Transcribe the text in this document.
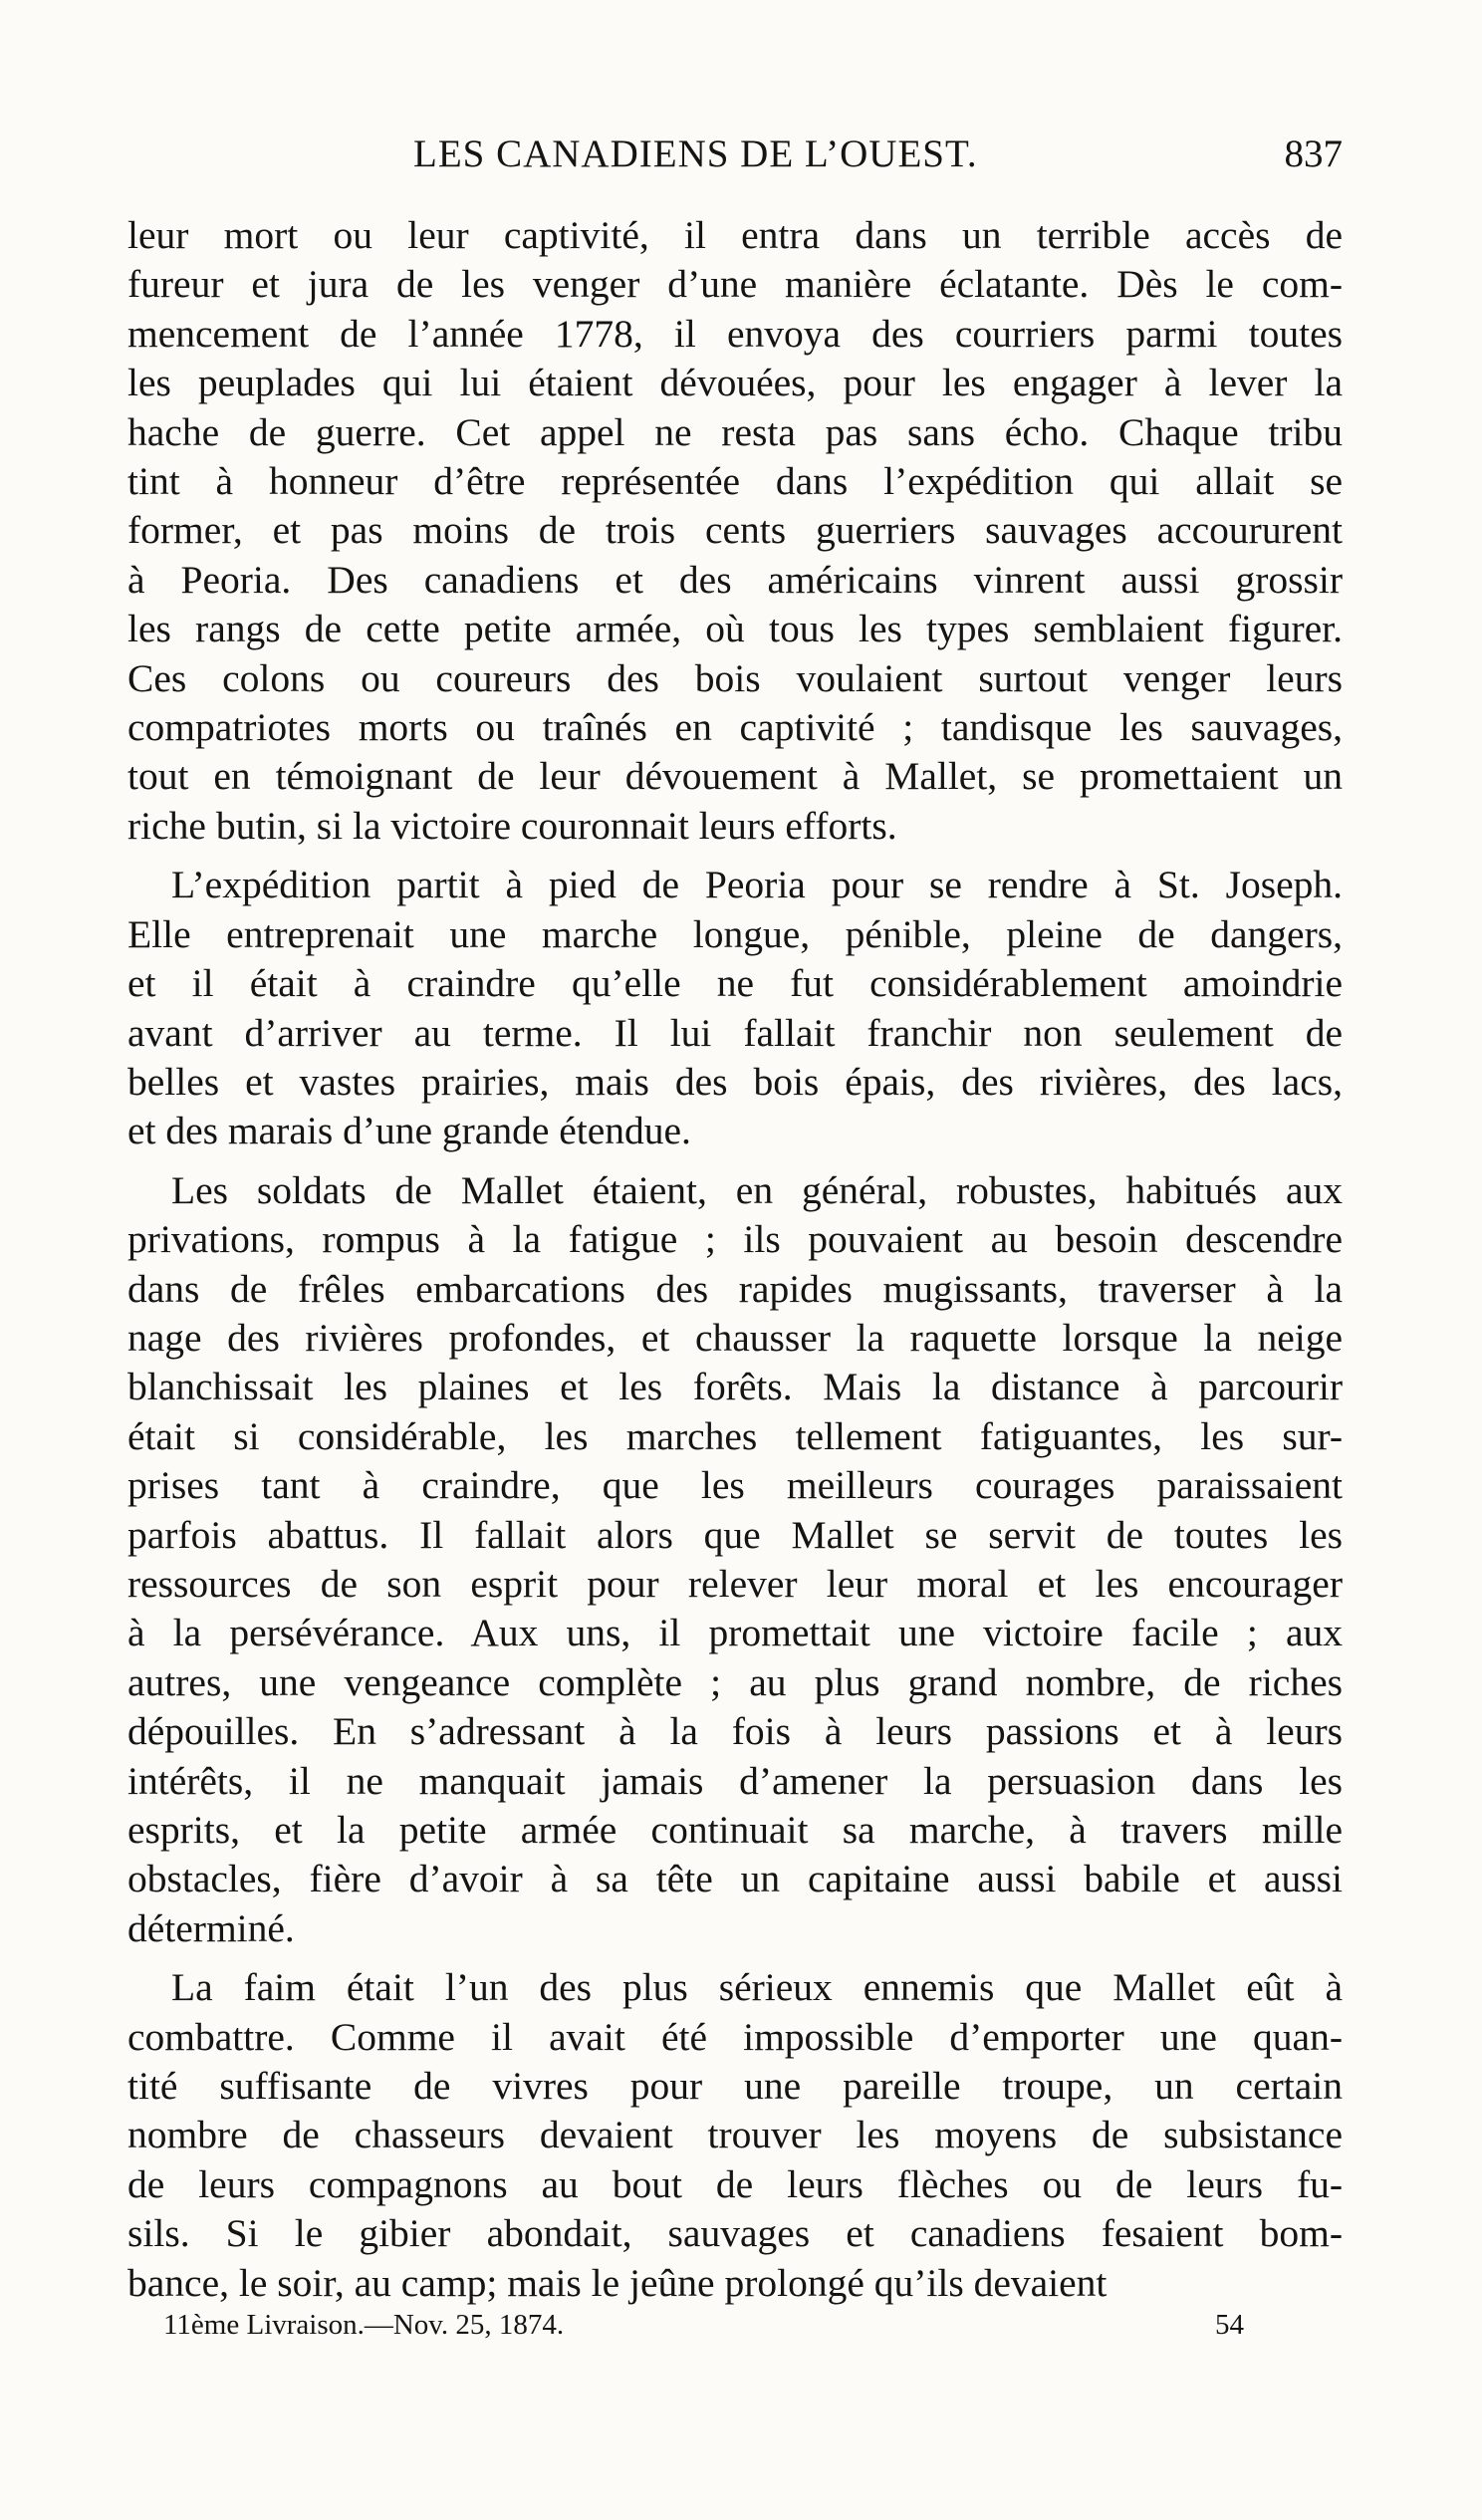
LES CANADIENS DE L’OUEST.	837
leur mort ou leur captivité, il entra dans un terrible accès de
fureur et jura de les venger d’une manière éclatante. Dès le com-
mencement de l’année 1778, il envoya des courriers parmi toutes
les peuplades qui lui étaient dévouées, pour les engager à lever la
hache de guerre. Cet appel ne resta pas sans écho. Chaque tribu
tint à honneur d’être représentée dans l’expédition qui allait se
former, et pas moins de trois cents guerriers sauvages accoururent
à Peoria. Des canadiens et des américains vinrent aussi grossir
les rangs de cette petite armée, où tous les types semblaient figurer.
Ces colons ou coureurs des bois voulaient surtout venger leurs
compatriotes morts ou traînés en captivité ; tandisque les sauvages,
tout en témoignant de leur dévouement à Mallet, se promettaient un
riche butin, si la victoire couronnait leurs efforts.
L’expédition partit à pied de Peoria pour se rendre à St. Joseph.
Elle entreprenait une marche longue, pénible, pleine de dangers,
et il était à craindre qu’elle ne fut considérablement amoindrie
avant d’arriver au terme. Il lui fallait franchir non seulement de
belles et vastes prairies, mais des bois épais, des rivières, des lacs,
et des marais d’une grande étendue.
Les soldats de Mallet étaient, en général, robustes, habitués aux
privations, rompus à la fatigue ; ils pouvaient au besoin descendre
dans de frêles embarcations des rapides mugissants, traverser à la
nage des rivières profondes, et chausser la raquette lorsque la neige
blanchissait les plaines et les forêts. Mais la distance à parcourir
était si considérable, les marches tellement fatiguantes, les sur-
prises tant à craindre, que les meilleurs courages paraissaient
parfois abattus. Il fallait alors que Mallet se servit de toutes les
ressources de son esprit pour relever leur moral et les encourager
à la persévérance. Aux uns, il promettait une victoire facile ; aux
autres, une vengeance complète ; au plus grand nombre, de riches
dépouilles. En s’adressant à la fois à leurs passions et à leurs
intérêts, il ne manquait jamais d’amener la persuasion dans les
esprits, et la petite armée continuait sa marche, à travers mille
obstacles, fière d’avoir à sa tête un capitaine aussi babile et aussi
déterminé.
La faim était l’un des plus sérieux ennemis que Mallet eût à
combattre. Comme il avait été impossible d’emporter une quan-
tité suffisante de vivres pour une pareille troupe, un certain
nombre de chasseurs devaient trouver les moyens de subsistance
de leurs compagnons au bout de leurs flèches ou de leurs fu-
sils. Si le gibier abondait, sauvages et canadiens fesaient bom-
bance, le soir, au camp; mais le jeûne prolongé qu’ils devaient
11ème Livraison.—Nov. 25, 1874.	54
